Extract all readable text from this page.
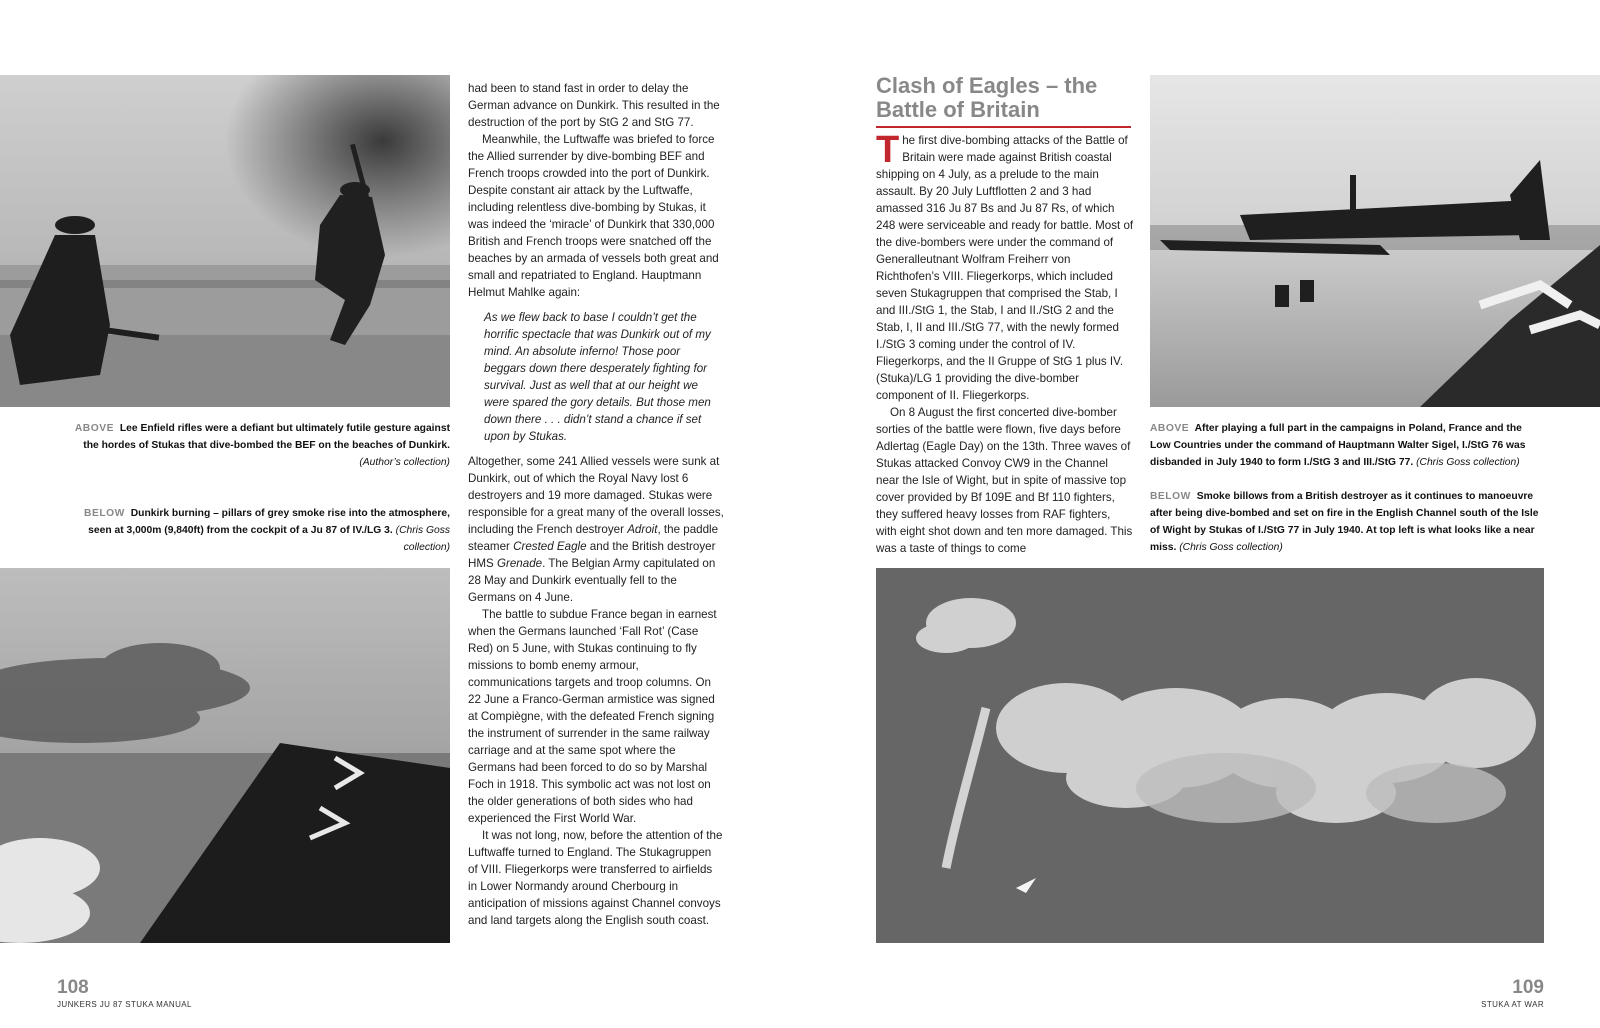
ABOVE Lee Enfield rifles were a defiant but ultimately futile gesture against the hordes of Stukas that dive-bombed the BEF on the beaches of Dunkirk. (Author’s collection)
BELOW Dunkirk burning – pillars of grey smoke rise into the atmosphere, seen at 3,000m (9,840ft) from the cockpit of a Ju 87 of IV./LG 3. (Chris Goss collection)

had been to stand fast in order to delay the German advance on Dunkirk. This resulted in the destruction of the port by StG 2 and StG 77.

Meanwhile, the Luftwaffe was briefed to force the Allied surrender by dive-bombing BEF and French troops crowded into the port of Dunkirk. Despite constant air attack by the Luftwaffe, including relentless dive-bombing by Stukas, it was indeed the ‘miracle’ of Dunkirk that 330,000 British and French troops were snatched off the beaches by an armada of vessels both great and small and repatriated to England. Hauptmann Helmut Mahlke again:

As we flew back to base I couldn’t get the horrific spectacle that was Dunkirk out of my mind. An absolute inferno! Those poor beggars down there desperately fighting for survival. Just as well that at our height we were spared the gory details. But those men down there . . . didn’t stand a chance if set upon by Stukas.

Altogether, some 241 Allied vessels were sunk at Dunkirk, out of which the Royal Navy lost 6 destroyers and 19 more damaged. Stukas were responsible for a great many of the overall losses, including the French destroyer Adroit, the paddle steamer Crested Eagle and the British destroyer HMS Grenade. The Belgian Army capitulated on 28 May and Dunkirk eventually fell to the Germans on 4 June.

The battle to subdue France began in earnest when the Germans launched ‘Fall Rot’ (Case Red) on 5 June, with Stukas continuing to fly missions to bomb enemy armour, communications targets and troop columns. On 22 June a Franco-German armistice was signed at Compiègne, with the defeated French signing the instrument of surrender in the same railway carriage and at the same spot where the Germans had been forced to do so by Marshal Foch in 1918. This symbolic act was not lost on the older generations of both sides who had experienced the First World War.

It was not long, now, before the attention of the Luftwaffe turned to England. The Stukagruppen of VIII. Fliegerkorps were transferred to airfields in Lower Normandy around Cherbourg in anticipation of missions against Channel convoys and land targets along the English south coast.

108
JUNKERS JU 87 STUKA MANUAL
Clash of Eagles – the
Battle of Britain

The first dive-bombing attacks of the Battle of Britain were made against British coastal shipping on 4 July, as a prelude to the main assault. By 20 July Luftflotten 2 and 3 had amassed 316 Ju 87 Bs and Ju 87 Rs, of which 248 were serviceable and ready for battle. Most of the dive-bombers were under the command of Generalleutnant Wolfram Freiherr von Richthofen’s VIII. Fliegerkorps, which included seven Stukagruppen that comprised the Stab, I and III./StG 1, the Stab, I and II./StG 2 and the Stab, I, II and III./StG 77, with the newly formed I./StG 3 coming under the control of IV. Fliegerkorps, and the II Gruppe of StG 1 plus IV. (Stuka)/LG 1 providing the dive-bomber component of II. Fliegerkorps.

On 8 August the first concerted dive-bomber sorties of the battle were flown, five days before Adlertag (Eagle Day) on the 13th. Three waves of Stukas attacked Convoy CW9 in the Channel near the Isle of Wight, but in spite of massive top cover provided by Bf 109E and Bf 110 fighters, they suffered heavy losses from RAF fighters, with eight shot down and ten more damaged. This was a taste of things to come

ABOVE After playing a full part in the campaigns in Poland, France and the Low Countries under the command of Hauptmann Walter Sigel, I./StG 76 was disbanded in July 1940 to form I./StG 3 and III./StG 77. (Chris Goss collection)
BELOW Smoke billows from a British destroyer as it continues to manoeuvre after being dive-bombed and set on fire in the English Channel south of the Isle of Wight by Stukas of I./StG 77 in July 1940. At top left is what looks like a near miss. (Chris Goss collection)
109
STUKA AT WAR
